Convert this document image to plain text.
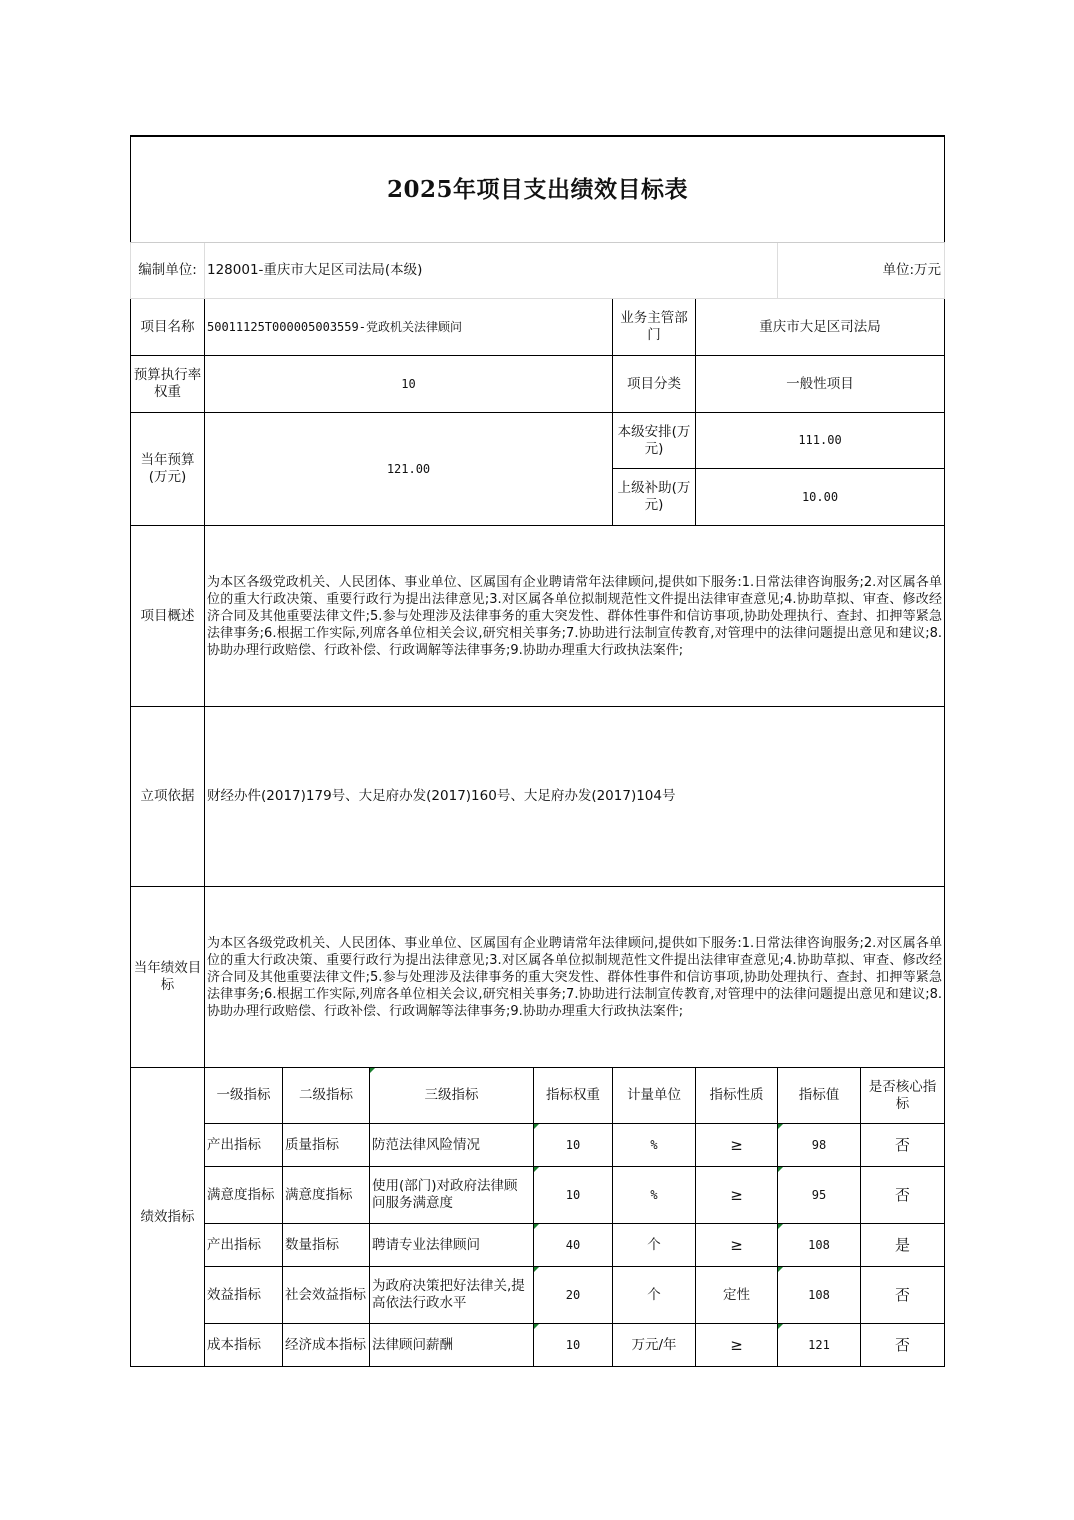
2025年项目支出绩效目标表								
编制单位:	128001-重庆市大足区司法局(本级)						单位:万元	
项目名称	50011125T000005003559-党政机关法律顾问				业务主管部门	重庆市大足区司法局		
预算执行率权重	10				项目分类	一般性项目		
当年预算(万元)	121.00				本级安排(万元)	111.00		
					上级补助(万元)	10.00		
项目概述	为本区各级党政机关、人民团体、事业单位、区属国有企业聘请常年法律顾问,提供如下服务:1.日常法律咨询服务;2.对区属各单位的重大行政决策、重要行政行为提出法律意见;3.对区属各单位拟制规范性文件提出法律审查意见;4.协助草拟、审查、修改经济合同及其他重要法律文件;5.参与处理涉及法律事务的重大突发性、群体性事件和信访事项,协助处理执行、查封、扣押等紧急法律事务;6.根据工作实际,列席各单位相关会议,研究相关事务;7.协助进行法制宣传教育,对管理中的法律问题提出意见和建议;8.协助办理行政赔偿、行政补偿、行政调解等法律事务;9.协助办理重大行政执法案件;							
立项依据	财经办件(2017)179号、大足府办发(2017)160号、大足府办发(2017)104号							
当年绩效目标	为本区各级党政机关、人民团体、事业单位、区属国有企业聘请常年法律顾问,提供如下服务:1.日常法律咨询服务;2.对区属各单位的重大行政决策、重要行政行为提出法律意见;3.对区属各单位拟制规范性文件提出法律审查意见;4.协助草拟、审查、修改经济合同及其他重要法律文件;5.参与处理涉及法律事务的重大突发性、群体性事件和信访事项,协助处理执行、查封、扣押等紧急法律事务;6.根据工作实际,列席各单位相关会议,研究相关事务;7.协助进行法制宣传教育,对管理中的法律问题提出意见和建议;8.协助办理行政赔偿、行政补偿、行政调解等法律事务;9.协助办理重大行政执法案件;							
绩效指标	一级指标	二级指标	三级指标	指标权重	计量单位	指标性质	指标值	是否核心指标
	产出指标	质量指标	防范法律风险情况	10	%	≥	98	否
	满意度指标	满意度指标	使用(部门)对政府法律顾问服务满意度	10	%	≥	95	否
	产出指标	数量指标	聘请专业法律顾问	40	个	≥	108	是
	效益指标	社会效益指标	为政府决策把好法律关,提高依法行政水平	20	个	定性	108	否
	成本指标	经济成本指标	法律顾问薪酬	10	万元/年	≥	121	否
